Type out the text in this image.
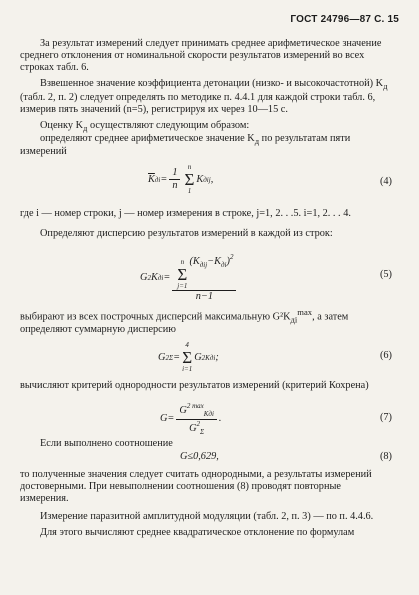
ГОСТ 24796—87 С. 15

За результат измерений следует принимать среднее арифметическое значение среднего отклонения от номинальной скорости результатов измерений во всех строках табл. 6.

Взвешенное значение коэффициента детонации (низко- и высокочастотной) $K_д$ (табл. 2, п. 2) следует определять по методике п. 4.4.1 для каждой строки табл. 6, измерив пять значений (n=5), регистрируя их через 10—15 с.

Оценку $K_д$ осуществляют следующим образом:

определяют среднее арифметическое значение $K_д$ по результатам пяти измерений

$\overline{K}$ дi = $\frac{1}{n}$ n
Σ
1
K дij ,	(4)

где i — номер строки, j — номер измерения в строке, j=1, 2. . .5. i=1, 2. . . 4.

Определяют дисперсию результатов измерений в каждой из строк:

G 2 K дi = n
Σ
j=1
$(K_{дij}-K_{дi})^2$
n−1	(5)

выбирают из всех построчных дисперсий максимальную $G^2K_{дi}^{max}$, а затем определяют суммарную дисперсию

G 2 Σ =
4
Σ
i=1
G 2 Kдi ;	(6)

вычисляют критерий однородности результатов измерений (критерий Кохрена)

$G= \frac{G^{2 max}_{Kдi}}{G^2_\Sigma}$ .	(7)

Если выполнено соотношение

G≤0,629,	(8)

то полученные значения следует считать однородными, а результаты измерений достоверными. При невыполнении соотношения (8) проводят повторные измерения.

Измерение паразитной амплитудной модуляции (табл. 2, п. 3) — по п. 4.4.6.

Для этого вычисляют среднее квадратическое отклонение по формулам
